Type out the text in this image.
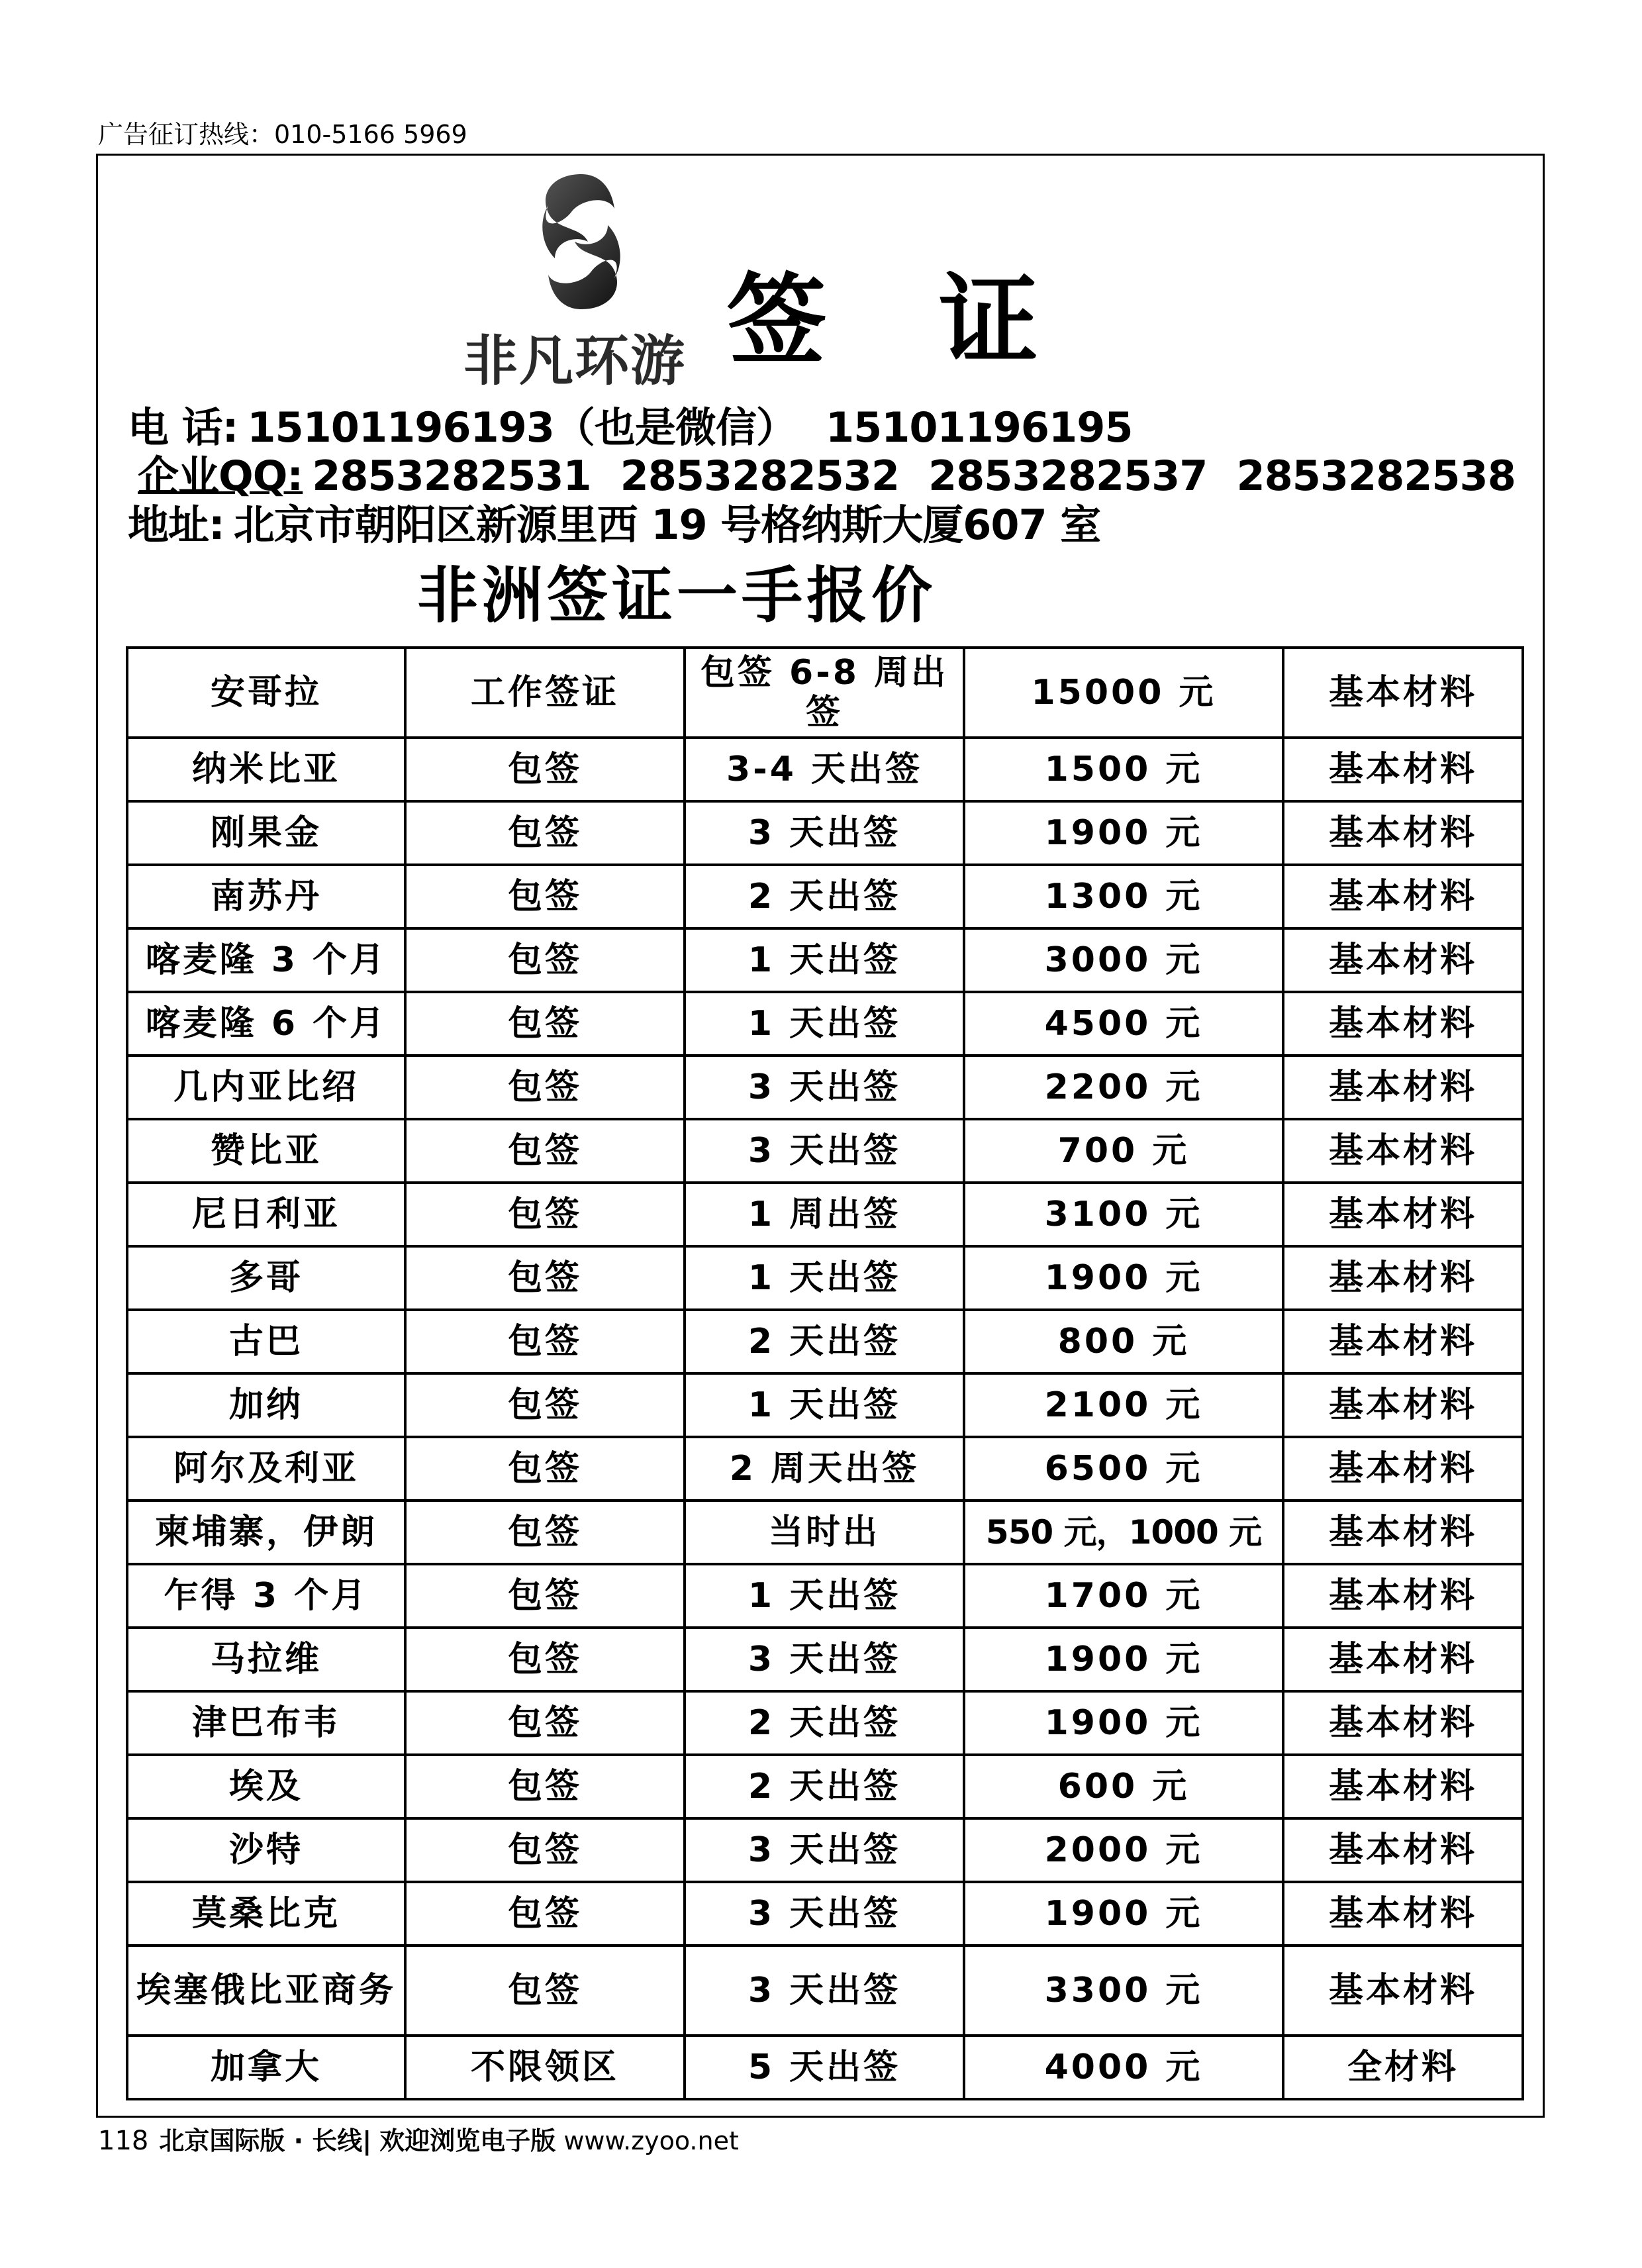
广告征订热线：010-5166 5969
非凡环游 签证
电 话: 15101196193（也是微信） 15101196195
企业QQ: 2853282531 2853282532 2853282537 2853282538
地址: 北京市朝阳区新源里西 19 号格纳斯大厦607 室
非洲签证一手报价
安哥拉	工作签证	包签 6-8 周出签	15000 元	基本材料
纳米比亚	包签	3-4 天出签	1500 元	基本材料
刚果金	包签	3 天出签	1900 元	基本材料
南苏丹	包签	2 天出签	1300 元	基本材料
喀麦隆 3 个月	包签	1 天出签	3000 元	基本材料
喀麦隆 6 个月	包签	1 天出签	4500 元	基本材料
几内亚比绍	包签	3 天出签	2200 元	基本材料
赞比亚	包签	3 天出签	700 元	基本材料
尼日利亚	包签	1 周出签	3100 元	基本材料
多哥	包签	1 天出签	1900 元	基本材料
古巴	包签	2 天出签	800 元	基本材料
加纳	包签	1 天出签	2100 元	基本材料
阿尔及利亚	包签	2 周天出签	6500 元	基本材料
柬埔寨，伊朗	包签	当时出	550 元，1000 元	基本材料
乍得 3 个月	包签	1 天出签	1700 元	基本材料
马拉维	包签	3 天出签	1900 元	基本材料
津巴布韦	包签	2 天出签	1900 元	基本材料
埃及	包签	2 天出签	600 元	基本材料
沙特	包签	3 天出签	2000 元	基本材料
莫桑比克	包签	3 天出签	1900 元	基本材料
埃塞俄比亚商务	包签	3 天出签	3300 元	基本材料
加拿大	不限领区	5 天出签	4000 元	全材料
118 北京国际版 · 长线| 欢迎浏览电子版 www.zyoo.net
